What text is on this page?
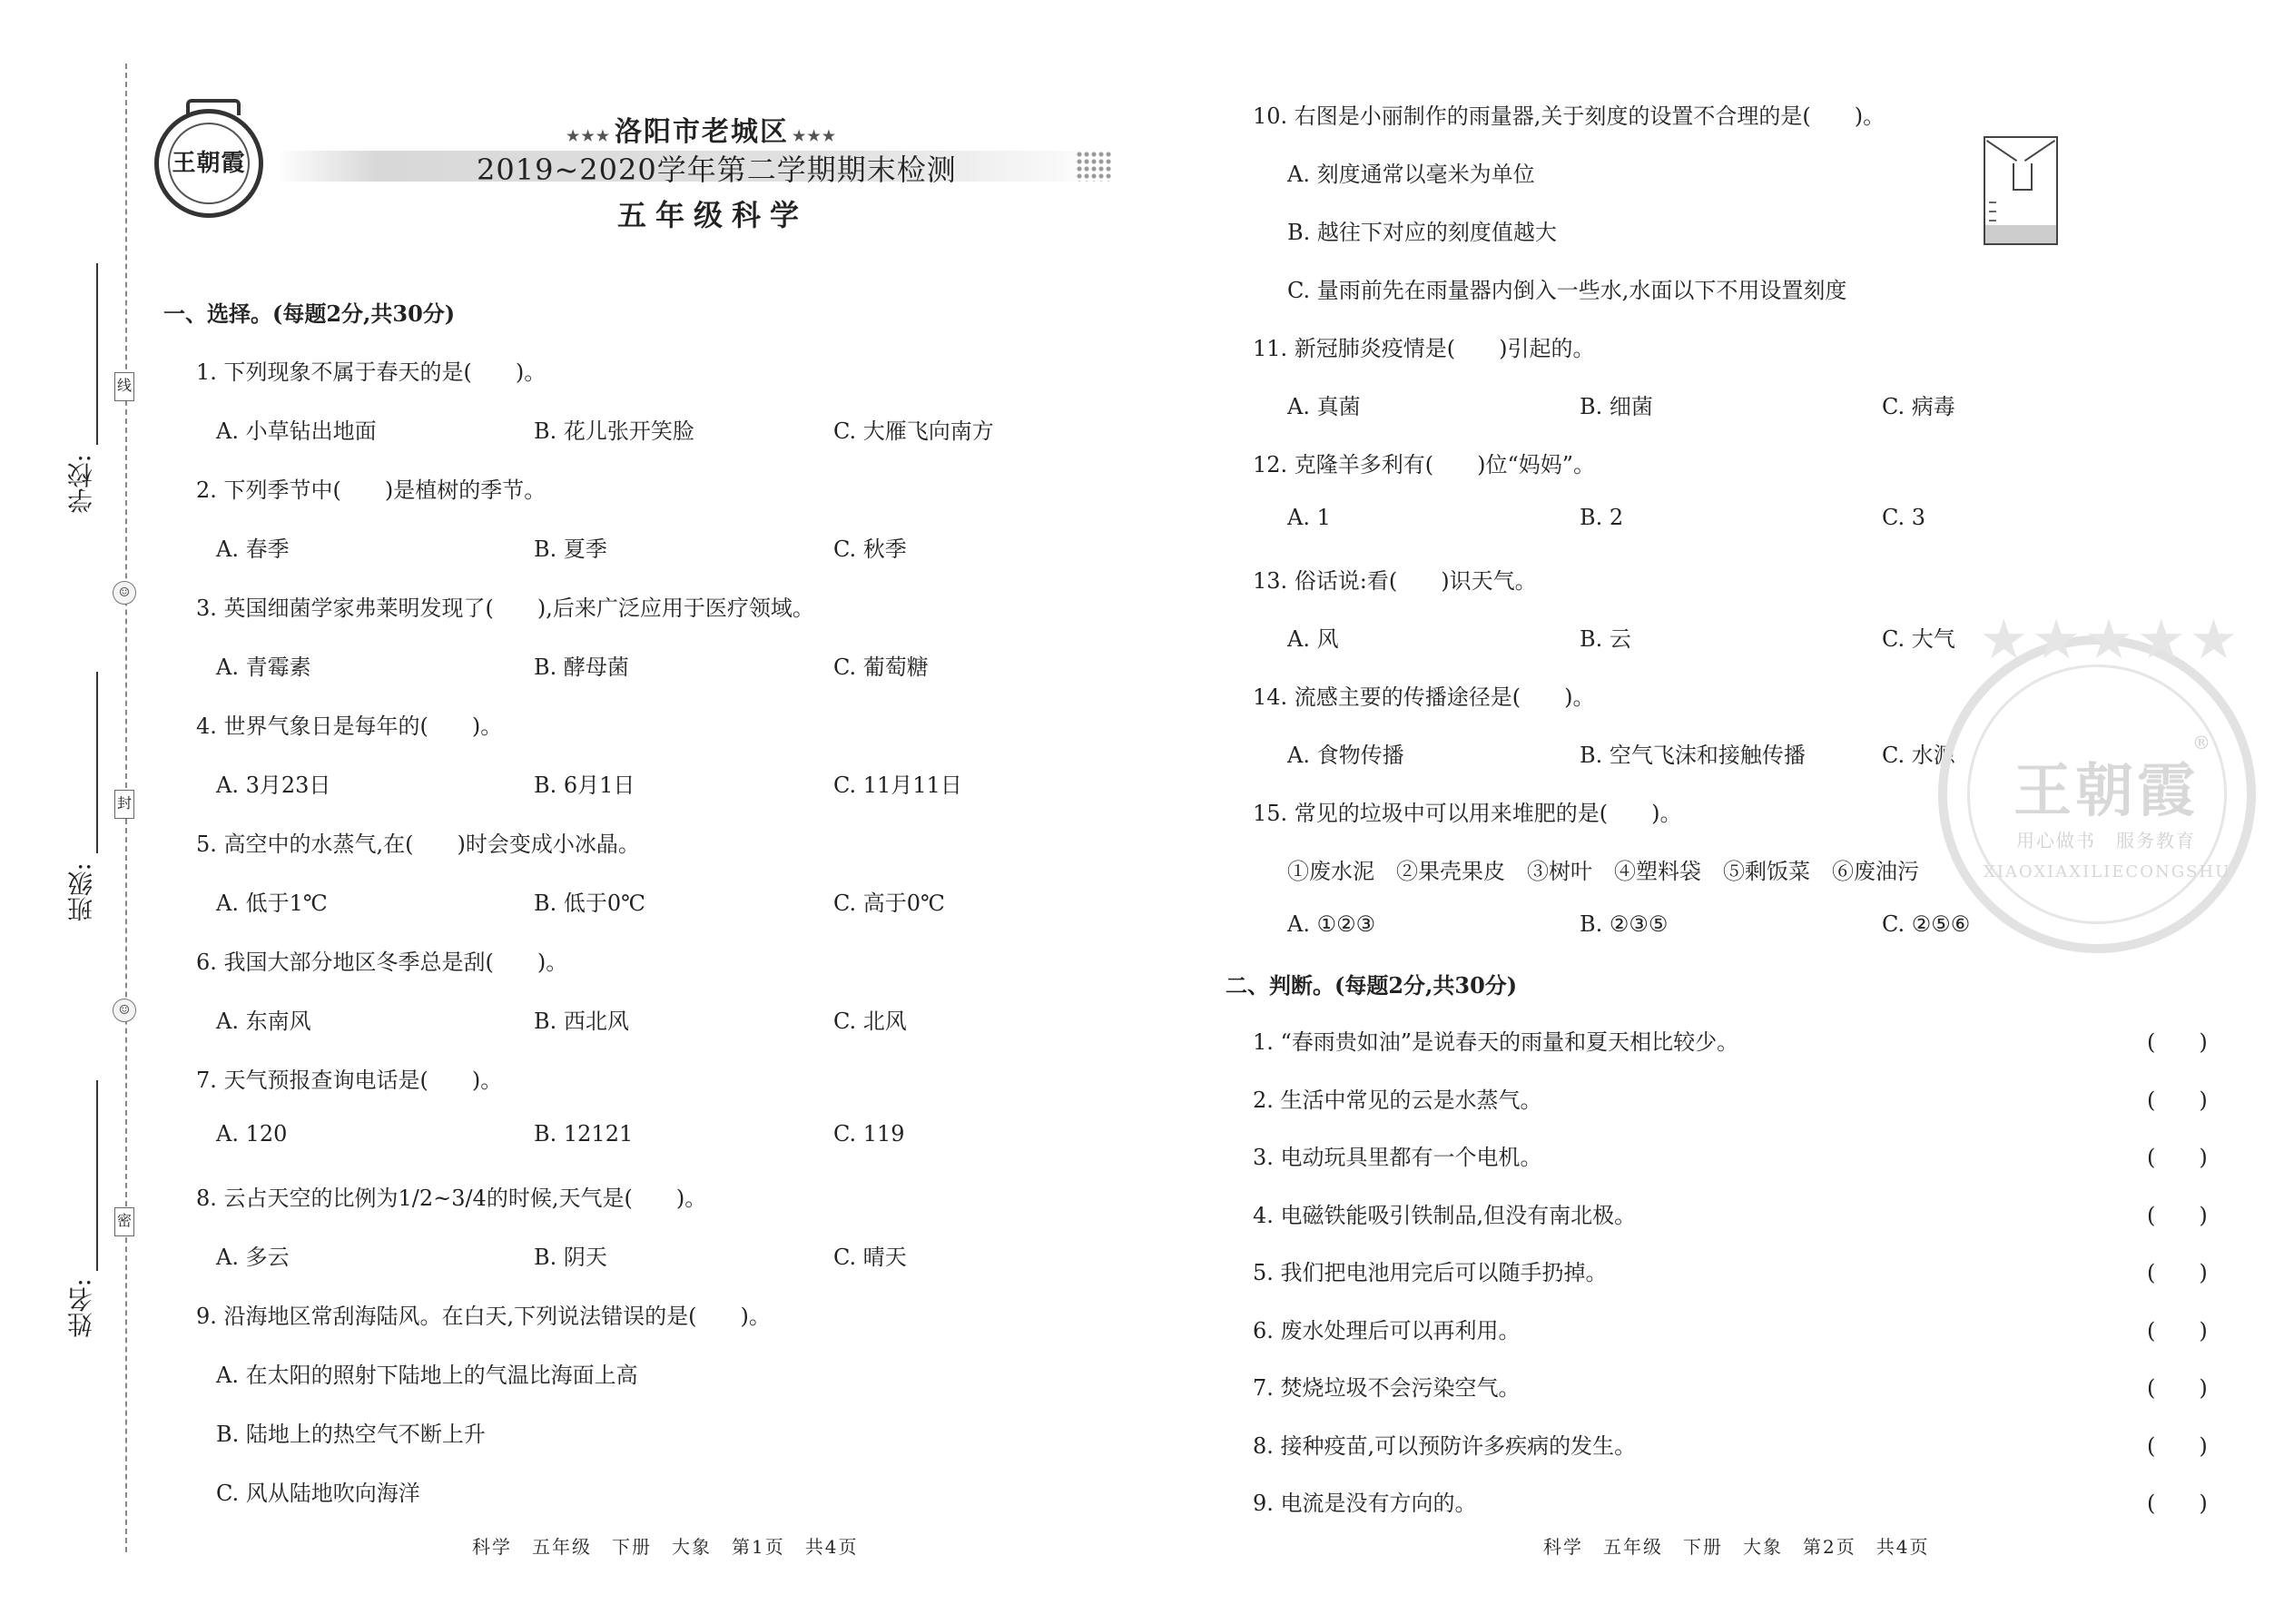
线
☺
封
☺
密
学校:
班级:
姓名:
王朝霞
★★★ 洛阳市老城区 ★★★
2019~2020学年第二学期期末检测
五年级科学
一、选择。(每题2分,共30分)
1. 下列现象不属于春天的是(　　)。
A. 小草钻出地面	B. 花儿张开笑脸	C. 大雁飞向南方
2. 下列季节中(　　)是植树的季节。
A. 春季	B. 夏季	C. 秋季
3. 英国细菌学家弗莱明发现了(　　),后来广泛应用于医疗领域。
A. 青霉素	B. 酵母菌	C. 葡萄糖
4. 世界气象日是每年的(　　)。
A. 3月23日	B. 6月1日	C. 11月11日
5. 高空中的水蒸气,在(　　)时会变成小冰晶。
A. 低于1℃	B. 低于0℃	C. 高于0℃
6. 我国大部分地区冬季总是刮(　　)。
A. 东南风	B. 西北风	C. 北风
7. 天气预报查询电话是(　　)。
A. 120	B. 12121	C. 119
8. 云占天空的比例为1/2~3/4的时候,天气是(　　)。
A. 多云	B. 阴天	C. 晴天
9. 沿海地区常刮海陆风。在白天,下列说法错误的是(　　)。
A. 在太阳的照射下陆地上的气温比海面上高
B. 陆地上的热空气不断上升
C. 风从陆地吹向海洋
科学　五年级　下册　大象　第1页　共4页
10. 右图是小丽制作的雨量器,关于刻度的设置不合理的是(　　)。
A. 刻度通常以毫米为单位
B. 越往下对应的刻度值越大
C. 量雨前先在雨量器内倒入一些水,水面以下不用设置刻度
11. 新冠肺炎疫情是(　　)引起的。
A. 真菌	B. 细菌	C. 病毒
12. 克隆羊多利有(　　)位“妈妈”。
A. 1	B. 2	C. 3
13. 俗话说:看(　　)识天气。
A. 风	B. 云	C. 大气
14. 流感主要的传播途径是(　　)。
A. 食物传播	B. 空气飞沫和接触传播	C. 水源
15. 常见的垃圾中可以用来堆肥的是(　　)。
①废水泥　②果壳果皮　③树叶　④塑料袋　⑤剩饭菜　⑥废油污
A. ①②③	B. ②③⑤	C. ②⑤⑥
二、判断。(每题2分,共30分)
1. “春雨贵如油”是说春天的雨量和夏天相比较少。	(　　)
2. 生活中常见的云是水蒸气。	(　　)
3. 电动玩具里都有一个电机。	(　　)
4. 电磁铁能吸引铁制品,但没有南北极。	(　　)
5. 我们把电池用完后可以随手扔掉。	(　　)
6. 废水处理后可以再利用。	(　　)
7. 焚烧垃圾不会污染空气。	(　　)
8. 接种疫苗,可以预防许多疾病的发生。	(　　)
9. 电流是没有方向的。	(　　)
科学　五年级　下册　大象　第2页　共4页
★★★★★
王朝霞
®
用心做书　服务教育
XIAOXIAXILIECONGSHU
